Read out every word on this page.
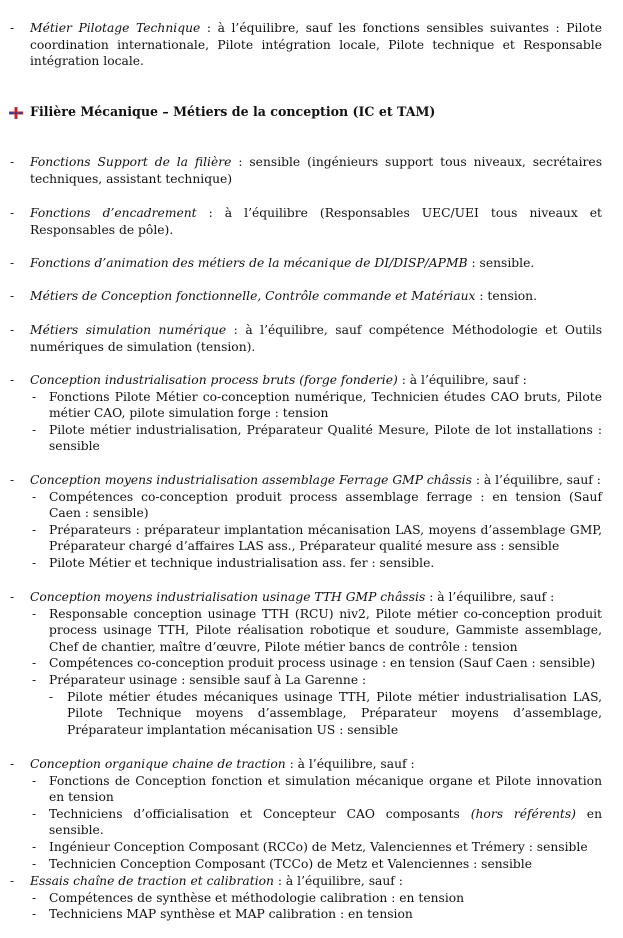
- Métier Pilotage Technique : à l’équilibre, sauf les fonctions sensibles suivantes : Pilote coordination internationale, Pilote intégration locale, Pilote technique et Responsable intégration locale.
Filière Mécanique – Métiers de la conception (IC et TAM)
- Fonctions Support de la filière : sensible (ingénieurs support tous niveaux, secrétaires techniques, assistant technique)
- Fonctions d’encadrement : à l’équilibre (Responsables UEC/UEI tous niveaux et Responsables de pôle).
- Fonctions d’animation des métiers de la mécanique de DI/DISP/APMB : sensible.
- Métiers de Conception fonctionnelle, Contrôle commande et Matériaux : tension.
- Métiers simulation numérique : à l’équilibre, sauf compétence Méthodologie et Outils numériques de simulation (tension).
- Conception industrialisation process bruts (forge fonderie) : à l’équilibre, sauf :
- Fonctions Pilote Métier co-conception numérique, Technicien études CAO bruts, Pilote métier CAO, pilote simulation forge : tension
- Pilote métier industrialisation, Préparateur Qualité Mesure, Pilote de lot installations : sensible
- Conception moyens industrialisation assemblage Ferrage GMP châssis : à l’équilibre, sauf :
- Compétences co-conception produit process assemblage ferrage : en tension (Sauf Caen : sensible)
- Préparateurs : préparateur implantation mécanisation LAS, moyens d’assemblage GMP, Préparateur chargé d’affaires LAS ass., Préparateur qualité mesure ass : sensible
- Pilote Métier et technique industrialisation ass. fer : sensible.
- Conception moyens industrialisation usinage TTH GMP châssis : à l’équilibre, sauf :
- Responsable conception usinage TTH (RCU) niv2, Pilote métier co-conception produit process usinage TTH, Pilote réalisation robotique et soudure, Gammiste assemblage, Chef de chantier, maître d’œuvre, Pilote métier bancs de contrôle : tension
- Compétences co-conception produit process usinage : en tension (Sauf Caen : sensible)
- Préparateur usinage : sensible sauf à La Garenne :
- Pilote métier études mécaniques usinage TTH, Pilote métier industrialisation LAS, Pilote Technique moyens d’assemblage, Préparateur moyens d’assemblage, Préparateur implantation mécanisation US : sensible
- Conception organique chaine de traction : à l’équilibre, sauf :
- Fonctions de Conception fonction et simulation mécanique organe et Pilote innovation en tension
- Techniciens d’officialisation et Concepteur CAO composants (hors référents) en sensible.
- Ingénieur Conception Composant (RCCo) de Metz, Valenciennes et Trémery : sensible
- Technicien Conception Composant (TCCo) de Metz et Valenciennes : sensible
- Essais chaîne de traction et calibration : à l’équilibre, sauf :
- Compétences de synthèse et méthodologie calibration : en tension
- Techniciens MAP synthèse et MAP calibration : en tension
